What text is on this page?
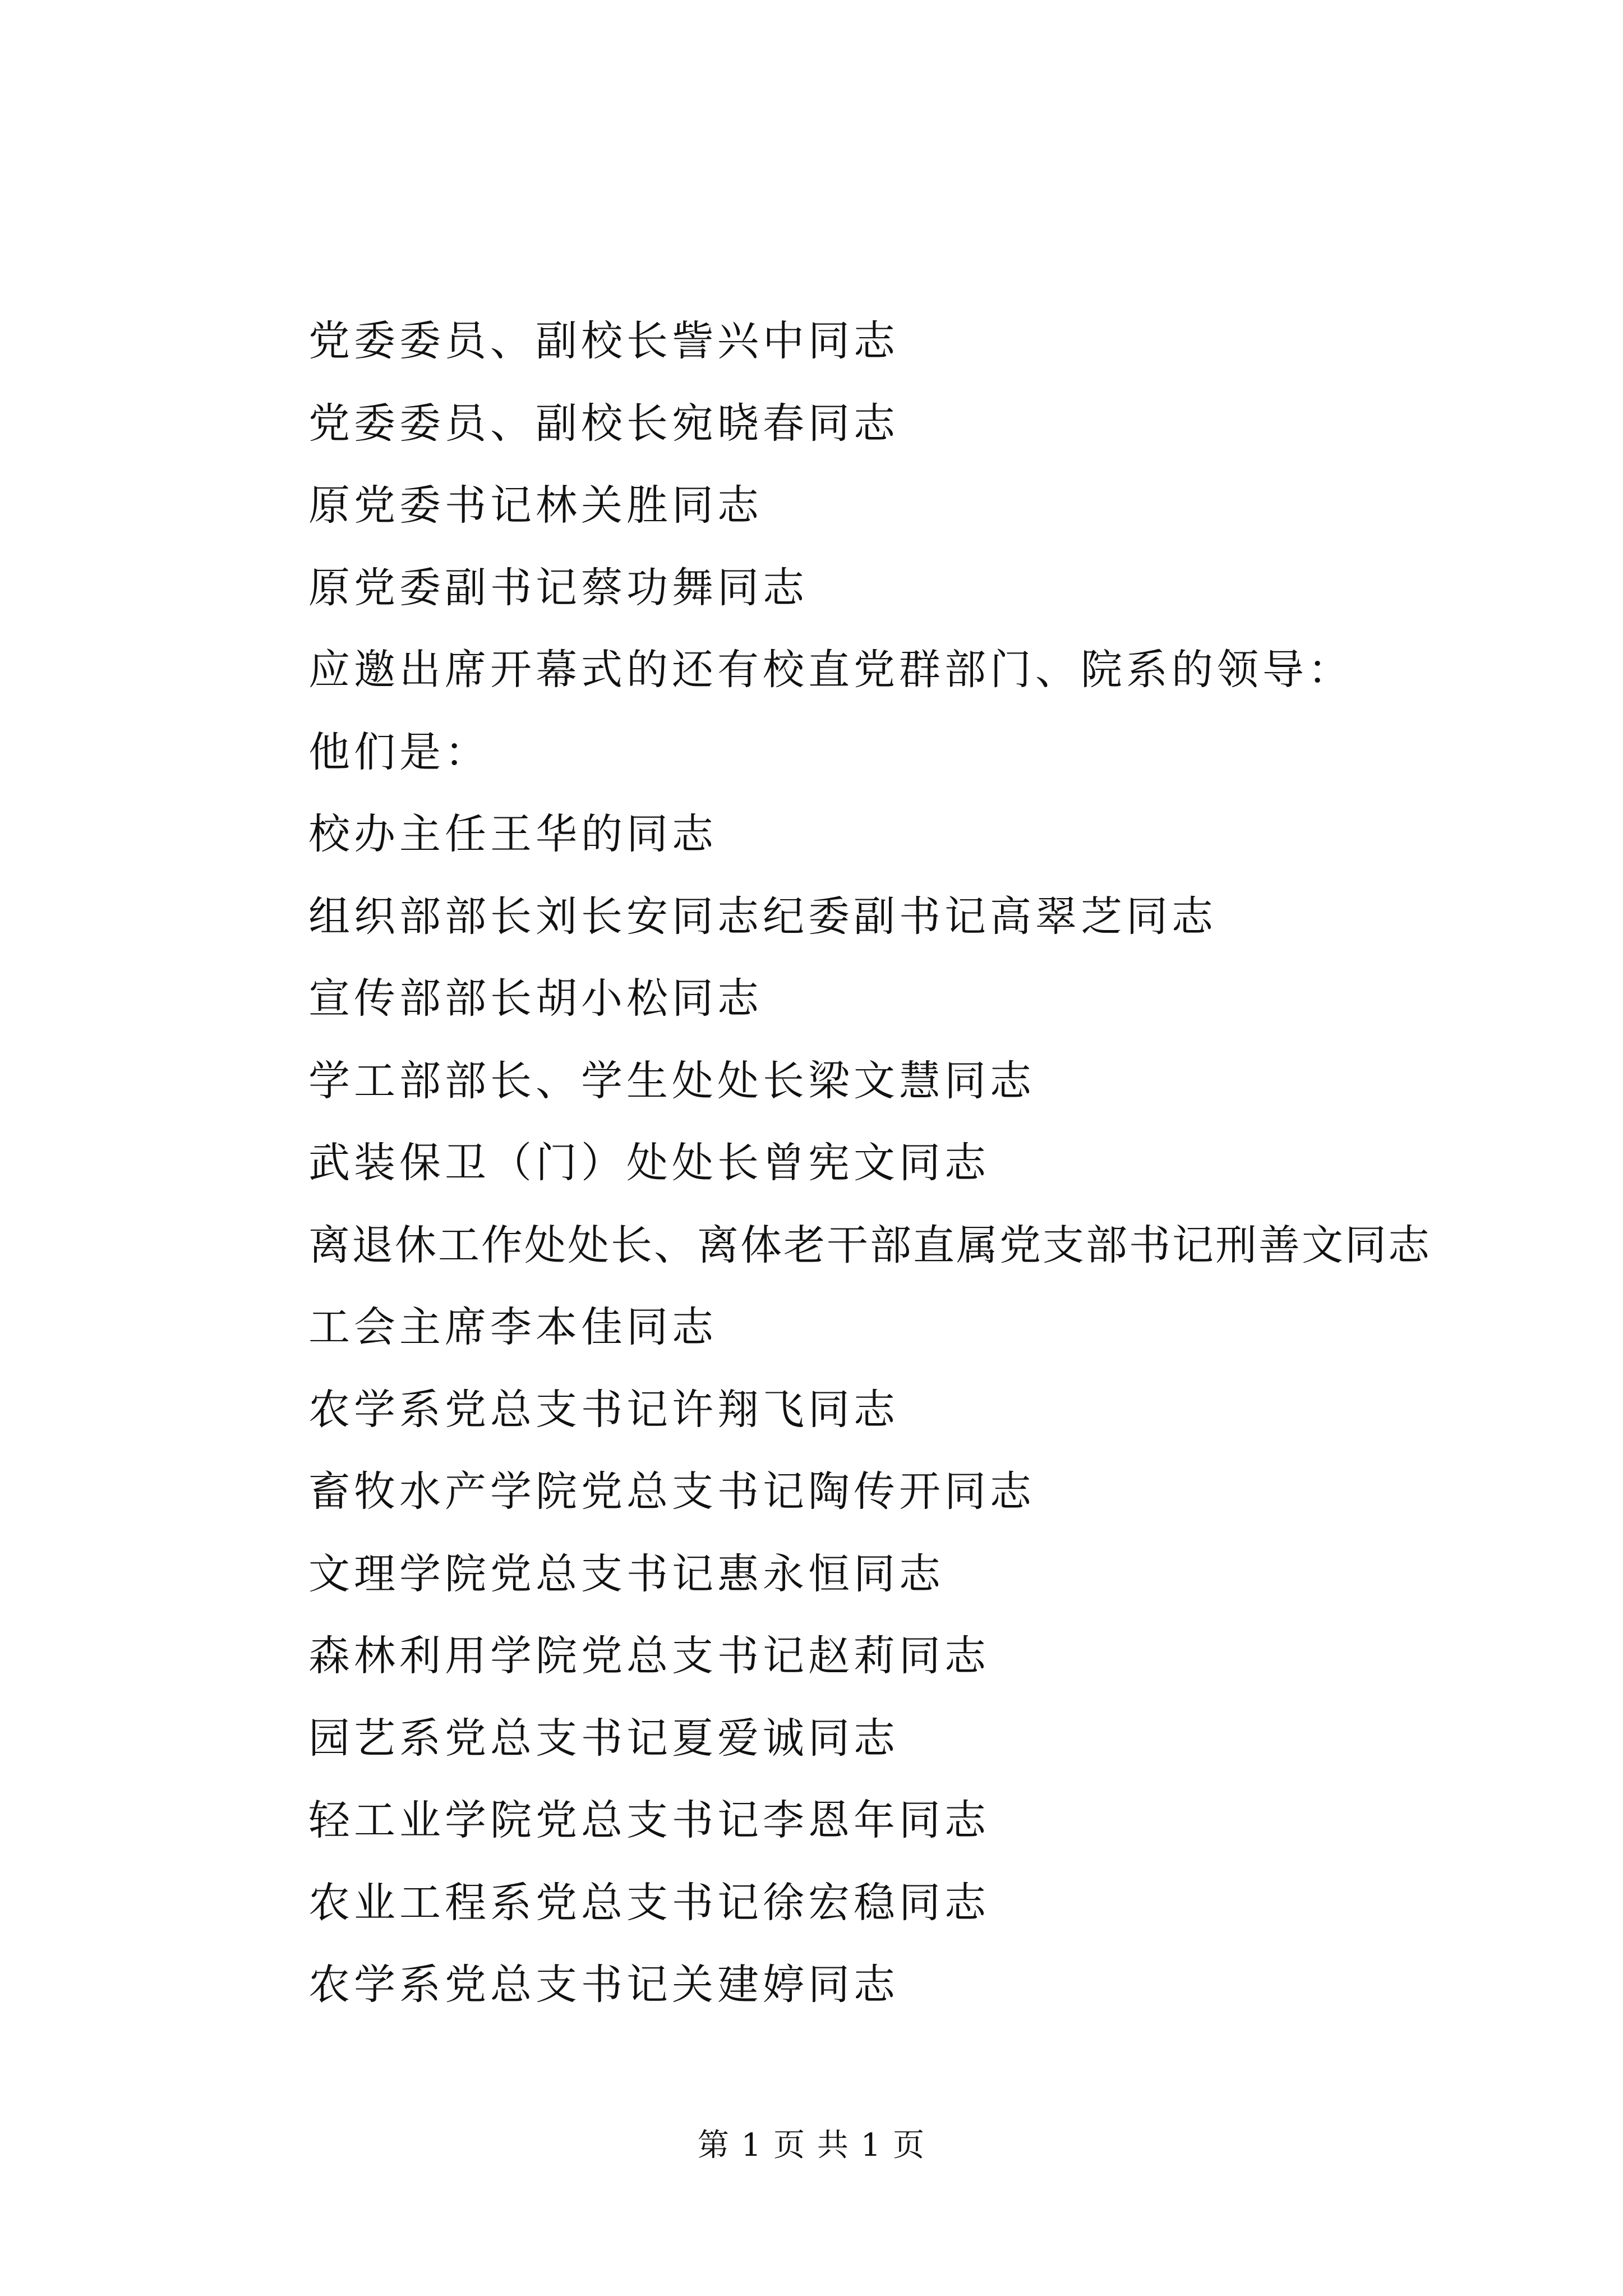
党委委员、副校长訾兴中同志
党委委员、副校长宛晓春同志
原党委书记林关胜同志
原党委副书记蔡功舞同志
应邀出席开幕式的还有校直党群部门、院系的领导：
他们是：
校办主任王华的同志
组织部部长刘长安同志纪委副书记高翠芝同志
宣传部部长胡小松同志
学工部部长、学生处处长梁文慧同志
武装保卫（门）处处长曾宪文同志
离退休工作处处长、离体老干部直属党支部书记刑善文同志
工会主席李本佳同志
农学系党总支书记许翔飞同志
畜牧水产学院党总支书记陶传开同志
文理学院党总支书记惠永恒同志
森林利用学院党总支书记赵莉同志
园艺系党总支书记夏爱诚同志
轻工业学院党总支书记李恩年同志
农业工程系党总支书记徐宏稳同志
农学系党总支书记关建婷同志
第 1 页 共 1 页
